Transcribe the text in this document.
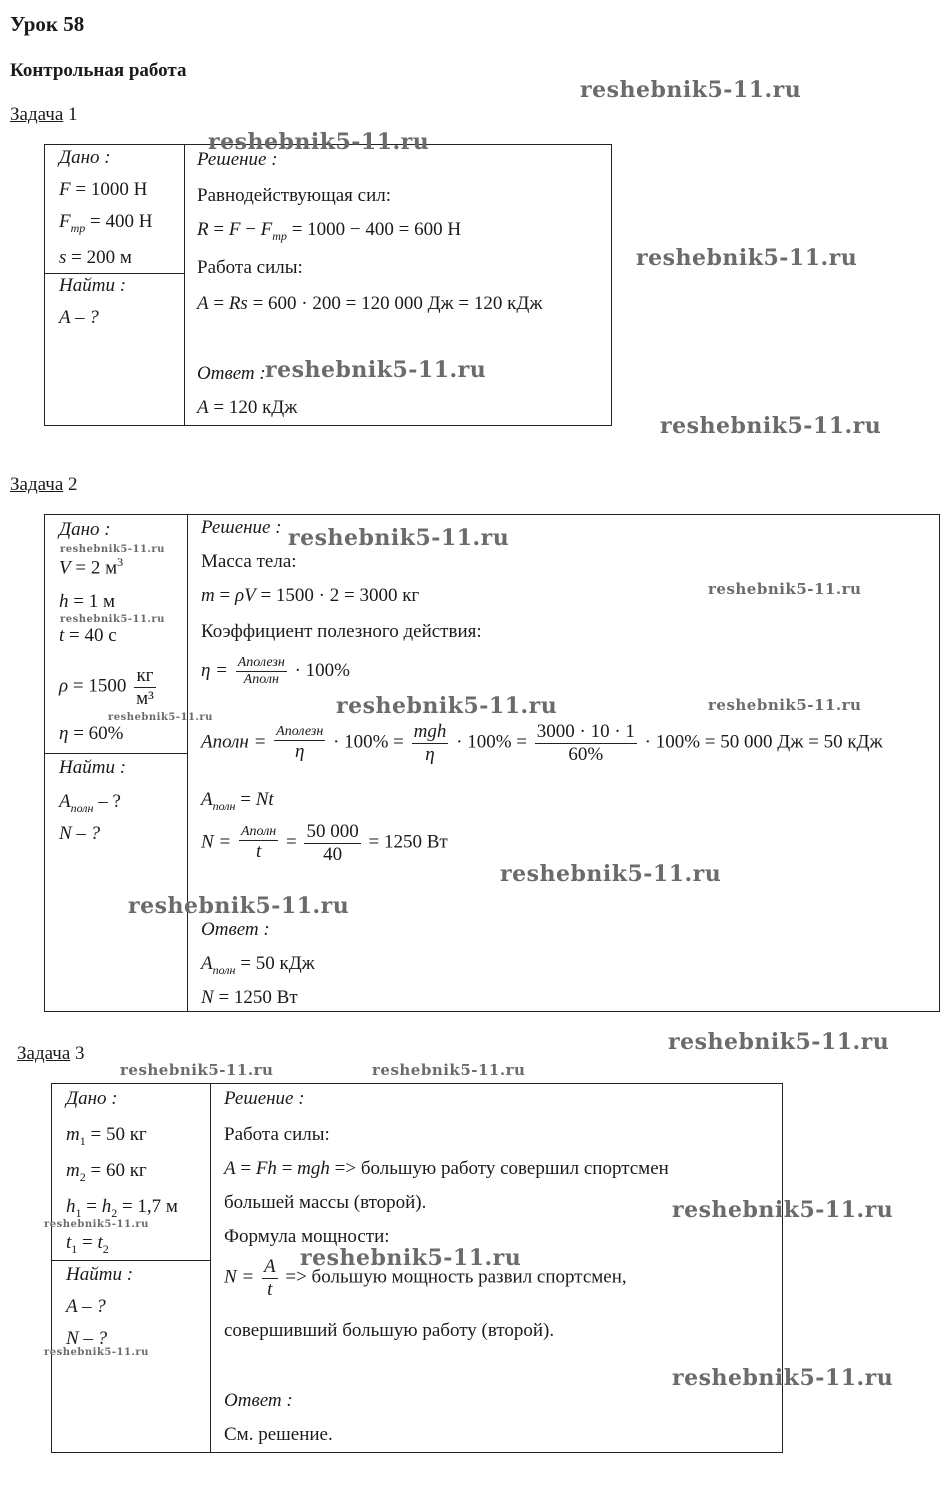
Урок 58
Контрольная работа
Задача 1
Дано :
F = 1000 Н
$F_{тр} = 400$ Н
s = 200 м
Найти :
A – ?
Решение :
Равнодействующая сил:
$R = F - F_{тр} = 1000 - 400 = 600$ Н
Работа силы:
A = Rs = 600 · 200 = 120 000 Дж = 120 кДж
Ответ :
A = 120 кДж
Задача 2
Дано :
V = 2 $м^3$
h = 1 м
t = 40 с
$\rho = 1500 \frac{кг}{\text{м³}}$
η = 60%
Найти :
$A_{полн}$ – ?
N – ?
Решение :
Масса тела:
m = ρV = 1500 · 2 = 3000 кг
Коэффициент полезного действия:
$\eta = \frac{\text{Aполезн}}{\text{Aполн}} \cdot 100\%$
Aполн = $\frac{\text{Aполезн}}{\eta} \cdot 100\% = \frac{\text{mgh}}{\eta} \cdot 100\% = \frac{3000 \cdot 10 \cdot 1}{60\%} \cdot 100\% = 50$ 000 Дж = 50 кДж
$A_{полн} = Nt$
$N = \frac{\text{Aполн}}{t} = \frac{50 000}{40} = 1250$ Вт
Ответ :
$A_{полн} = 50$ кДж
N = 1250 Вт
Задача 3
Дано :
$m_1 = 50$ кг
$m_2 = 60$ кг
$h_1 = h_2 = 1,7$ м
$t_1 = t_2$
Найти :
A – ?
N – ?
Решение :
Работа силы:
A = Fh = mgh => большую работу совершил спортсмен
большей массы (второй).
Формула мощности:
$N = \frac{A}{t}$ => большую мощность развил спортсмен,
совершивший большую работу (второй).
Ответ :
См. решение.
reshebnik5-11.ru
reshebnik5-11.ru
reshebnik5-11.ru
reshebnik5-11.ru
reshebnik5-11.ru
reshebnik5-11.ru
reshebnik5-11.ru
reshebnik5-11.ru
reshebnik5-11.ru
reshebnik5-11.ru	reshebnik5-11.ru
reshebnik5-11.ru
reshebnik5-11.ru
reshebnik5-11.ru
reshebnik5-11.ru
reshebnik5-11.ru	reshebnik5-11.ru
reshebnik5-11.ru
reshebnik5-11.ru
reshebnik5-11.ru
reshebnik5-11.ru
reshebnik5-11.ru
